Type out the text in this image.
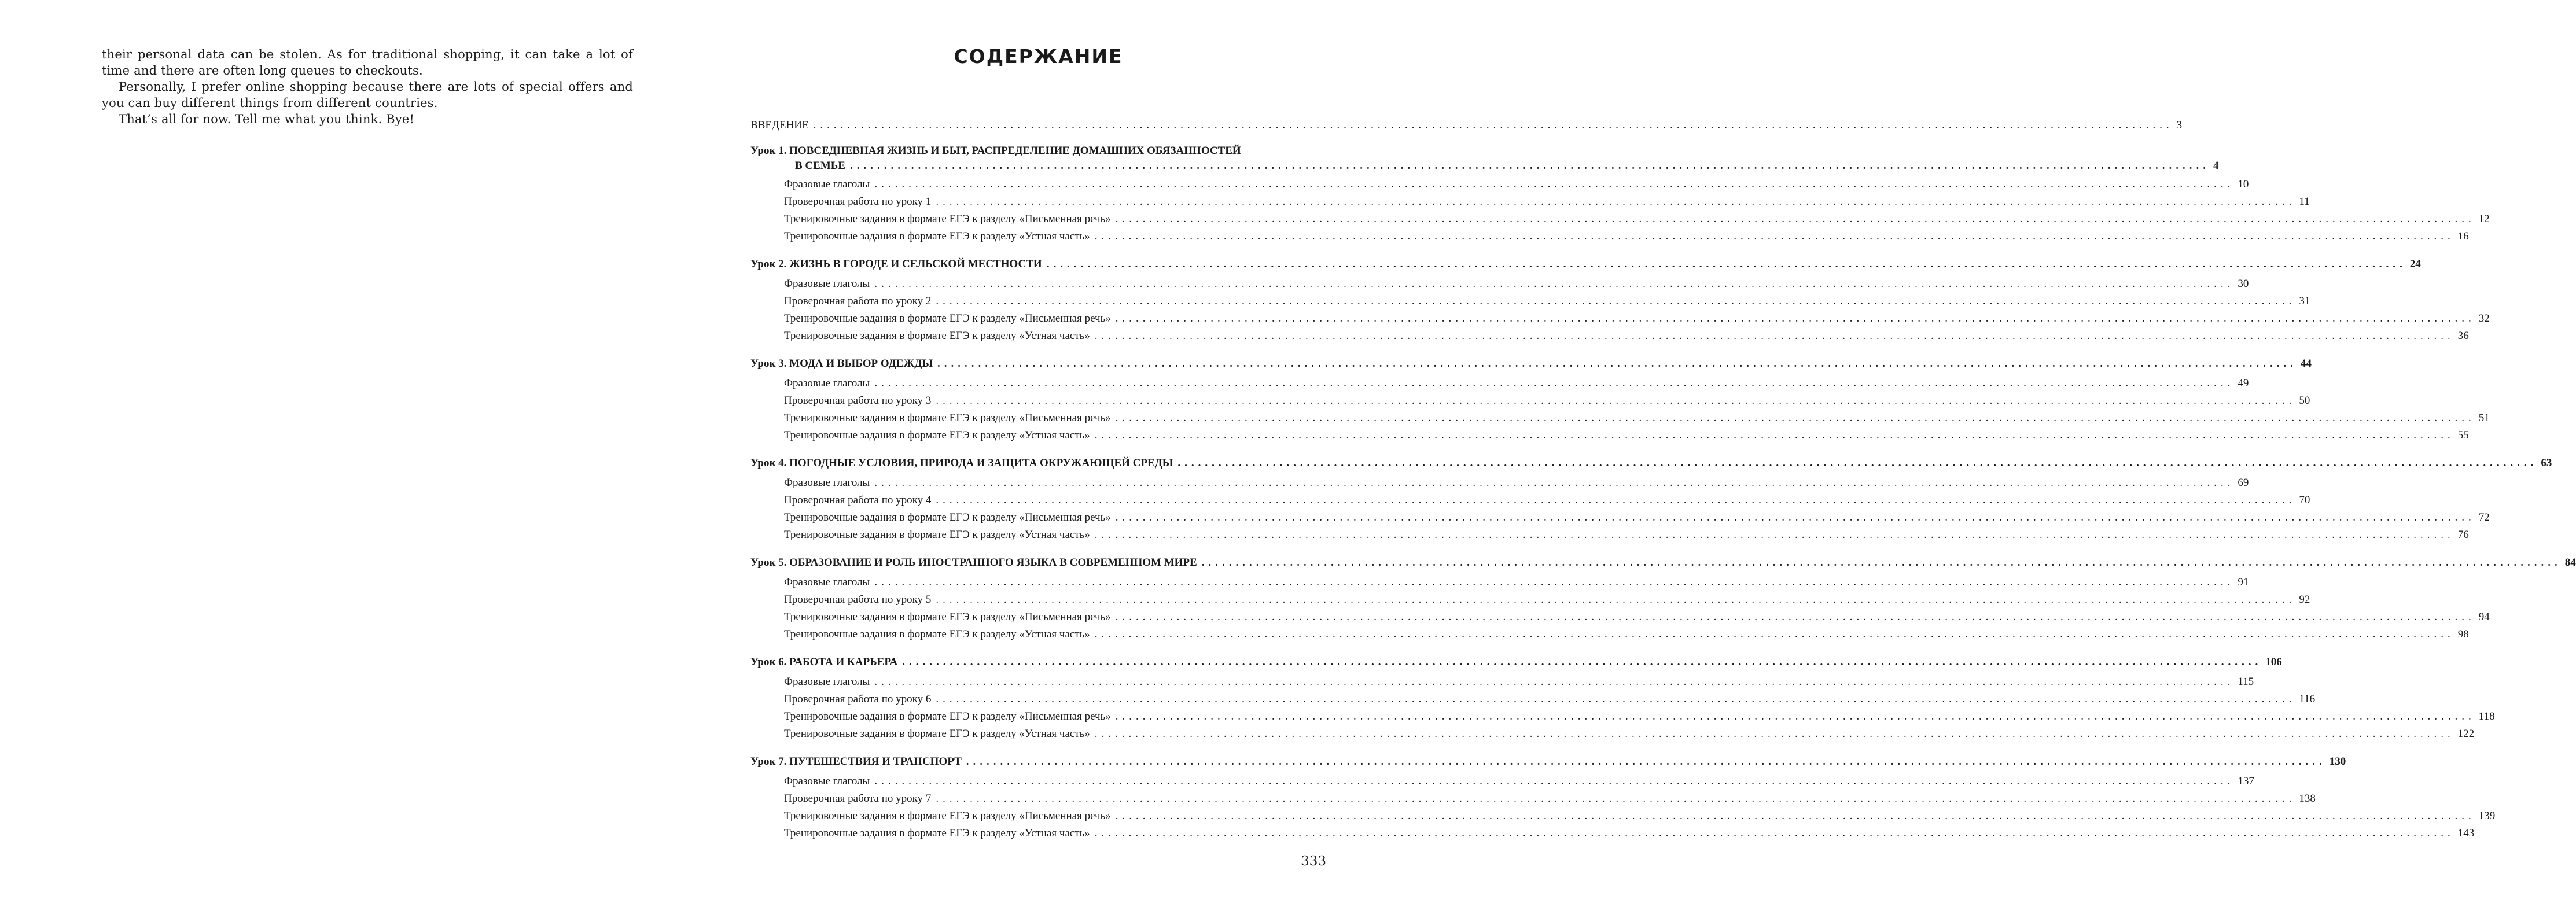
their personal data can be stolen. As for traditional shopping, it can take a lot of time and there are often long queues to checkouts.

Personally, I prefer online shopping because there are lots of special offers and you can buy different things from different countries.

That’s all for now. Tell me what you think. Bye!

СОДЕРЖАНИЕ
ВВЕДЕНИЕ ........................................................................................................................................................................................................ 3
Урок 1. ПОВСЕДНЕВНАЯ ЖИЗНЬ И БЫТ, РАСПРЕДЕЛЕНИЕ ДОМАШНИХ ОБЯЗАННОСТЕЙ
В СЕМЬЕ ........................................................................................................................................................................................................ 4
Фразовые глаголы ........................................................................................................................................................................................................ 10
Проверочная работа по уроку 1 ........................................................................................................................................................................................................ 11
Тренировочные задания в формате ЕГЭ к разделу «Письменная речь» ........................................................................................................................................................................................................ 12
Тренировочные задания в формате ЕГЭ к разделу «Устная часть» ........................................................................................................................................................................................................ 16
Урок 2. ЖИЗНЬ В ГОРОДЕ И СЕЛЬСКОЙ МЕСТНОСТИ ........................................................................................................................................................................................................ 24
Фразовые глаголы ........................................................................................................................................................................................................ 30
Проверочная работа по уроку 2 ........................................................................................................................................................................................................ 31
Тренировочные задания в формате ЕГЭ к разделу «Письменная речь» ........................................................................................................................................................................................................ 32
Тренировочные задания в формате ЕГЭ к разделу «Устная часть» ........................................................................................................................................................................................................ 36
Урок 3. МОДА И ВЫБОР ОДЕЖДЫ ........................................................................................................................................................................................................ 44
Фразовые глаголы ........................................................................................................................................................................................................ 49
Проверочная работа по уроку 3 ........................................................................................................................................................................................................ 50
Тренировочные задания в формате ЕГЭ к разделу «Письменная речь» ........................................................................................................................................................................................................ 51
Тренировочные задания в формате ЕГЭ к разделу «Устная часть» ........................................................................................................................................................................................................ 55
Урок 4. ПОГОДНЫЕ УСЛОВИЯ, ПРИРОДА И ЗАЩИТА ОКРУЖАЮЩЕЙ СРЕДЫ ........................................................................................................................................................................................................ 63
Фразовые глаголы ........................................................................................................................................................................................................ 69
Проверочная работа по уроку 4 ........................................................................................................................................................................................................ 70
Тренировочные задания в формате ЕГЭ к разделу «Письменная речь» ........................................................................................................................................................................................................ 72
Тренировочные задания в формате ЕГЭ к разделу «Устная часть» ........................................................................................................................................................................................................ 76
Урок 5. ОБРАЗОВАНИЕ И РОЛЬ ИНОСТРАННОГО ЯЗЫКА В СОВРЕМЕННОМ МИРЕ ........................................................................................................................................................................................................ 84
Фразовые глаголы ........................................................................................................................................................................................................ 91
Проверочная работа по уроку 5 ........................................................................................................................................................................................................ 92
Тренировочные задания в формате ЕГЭ к разделу «Письменная речь» ........................................................................................................................................................................................................ 94
Тренировочные задания в формате ЕГЭ к разделу «Устная часть» ........................................................................................................................................................................................................ 98
Урок 6. РАБОТА И КАРЬЕРА ........................................................................................................................................................................................................ 106
Фразовые глаголы ........................................................................................................................................................................................................ 115
Проверочная работа по уроку 6 ........................................................................................................................................................................................................ 116
Тренировочные задания в формате ЕГЭ к разделу «Письменная речь» ........................................................................................................................................................................................................ 118
Тренировочные задания в формате ЕГЭ к разделу «Устная часть» ........................................................................................................................................................................................................ 122
Урок 7. ПУТЕШЕСТВИЯ И ТРАНСПОРТ ........................................................................................................................................................................................................ 130
Фразовые глаголы ........................................................................................................................................................................................................ 137
Проверочная работа по уроку 7 ........................................................................................................................................................................................................ 138
Тренировочные задания в формате ЕГЭ к разделу «Письменная речь» ........................................................................................................................................................................................................ 139
Тренировочные задания в формате ЕГЭ к разделу «Устная часть» ........................................................................................................................................................................................................ 143
333
